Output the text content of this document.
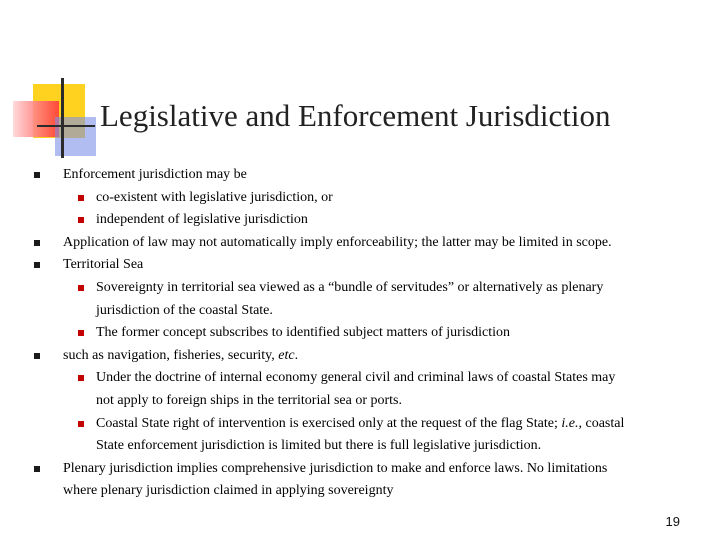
Legislative and Enforcement Jurisdiction
Enforcement jurisdiction may be
co-existent with legislative jurisdiction, or
independent of legislative jurisdiction
Application of law may not automatically imply enforceability; the latter may be limited in scope.
Territorial Sea
Sovereignty in territorial sea viewed as a “bundle of servitudes” or alternatively as plenary
jurisdiction of the coastal State.
The former concept subscribes to identified subject matters of jurisdiction
such as navigation, fisheries, security, etc.
Under the doctrine of internal economy general civil and criminal laws of coastal States may
not apply to foreign ships in the territorial sea or ports.
Coastal State right of intervention is exercised only at the request of the flag State; i.e., coastal
State enforcement jurisdiction is limited but there is full legislative jurisdiction.
Plenary jurisdiction implies comprehensive jurisdiction to make and enforce laws. No limitations
where plenary jurisdiction claimed in applying sovereignty
19
